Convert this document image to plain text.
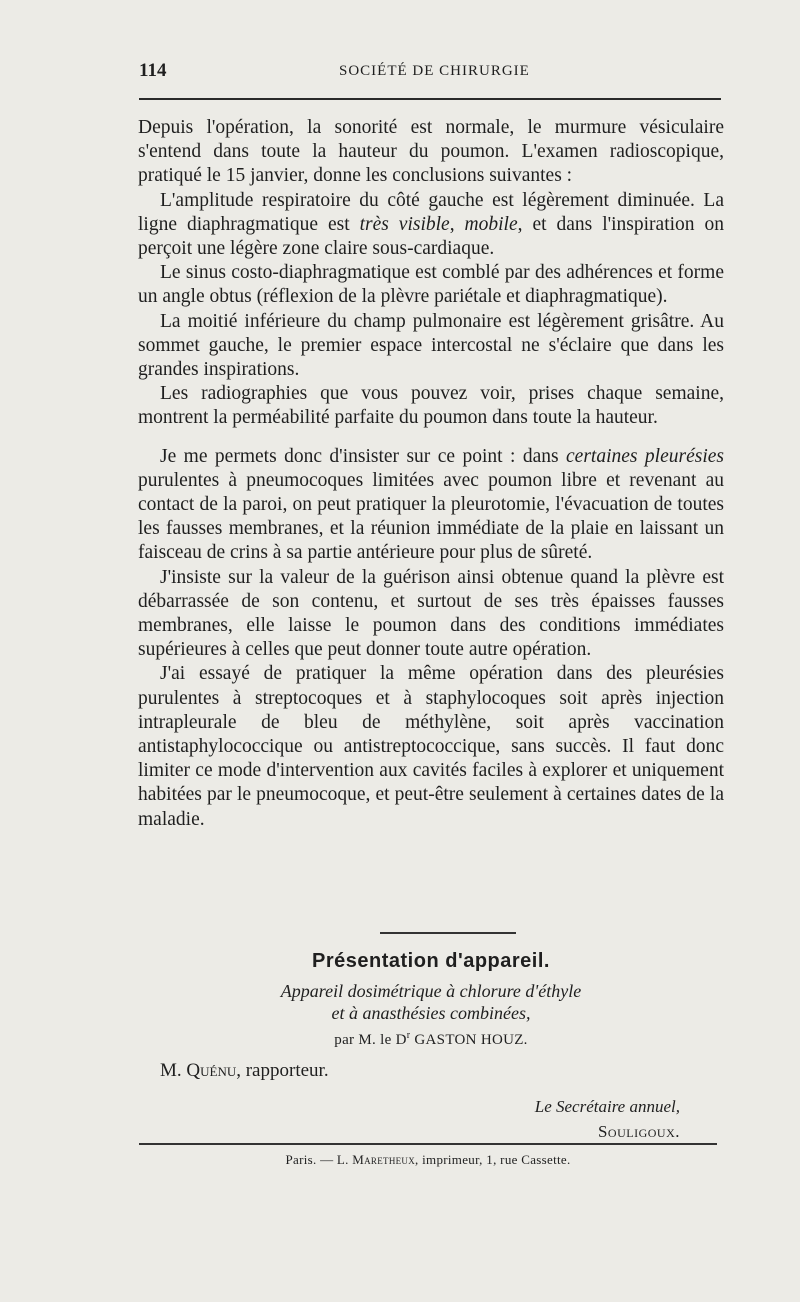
114	SOCIÉTÉ DE CHIRURGIE

Depuis l'opération, la sonorité est normale, le murmure vésiculaire s'entend dans toute la hauteur du poumon. L'examen radioscopique, pratiqué le 15 janvier, donne les conclusions suivantes :

L'amplitude respiratoire du côté gauche est légèrement diminuée. La ligne diaphragmatique est très visible, mobile, et dans l'inspiration on perçoit une légère zone claire sous-cardiaque.

Le sinus costo-diaphragmatique est comblé par des adhérences et forme un angle obtus (réflexion de la plèvre pariétale et diaphragmatique).

La moitié inférieure du champ pulmonaire est légèrement grisâtre. Au sommet gauche, le premier espace intercostal ne s'éclaire que dans les grandes inspirations.

Les radiographies que vous pouvez voir, prises chaque semaine, montrent la perméabilité parfaite du poumon dans toute la hauteur.

Je me permets donc d'insister sur ce point : dans certaines pleurésies purulentes à pneumocoques limitées avec poumon libre et revenant au contact de la paroi, on peut pratiquer la pleurotomie, l'évacuation de toutes les fausses membranes, et la réunion immédiate de la plaie en laissant un faisceau de crins à sa partie antérieure pour plus de sûreté.

J'insiste sur la valeur de la guérison ainsi obtenue quand la plèvre est débarrassée de son contenu, et surtout de ses très épaisses fausses membranes, elle laisse le poumon dans des conditions immédiates supérieures à celles que peut donner toute autre opération.

J'ai essayé de pratiquer la même opération dans des pleurésies purulentes à streptocoques et à staphylocoques soit après injection intrapleurale de bleu de méthylène, soit après vaccination antistaphylococcique ou antistreptococcique, sans succès. Il faut donc limiter ce mode d'intervention aux cavités faciles à explorer et uniquement habitées par le pneumocoque, et peut-être seulement à certaines dates de la maladie.

Présentation d'appareil.
Appareil dosimétrique à chlorure d'éthyle
et à anasthésies combinées,
par M. le $D^r$ GASTON HOUZ.
M. Quénu, rapporteur.
Le Secrétaire annuel,
Souligoux.
Paris. — L. Maretheux, imprimeur, 1, rue Cassette.
